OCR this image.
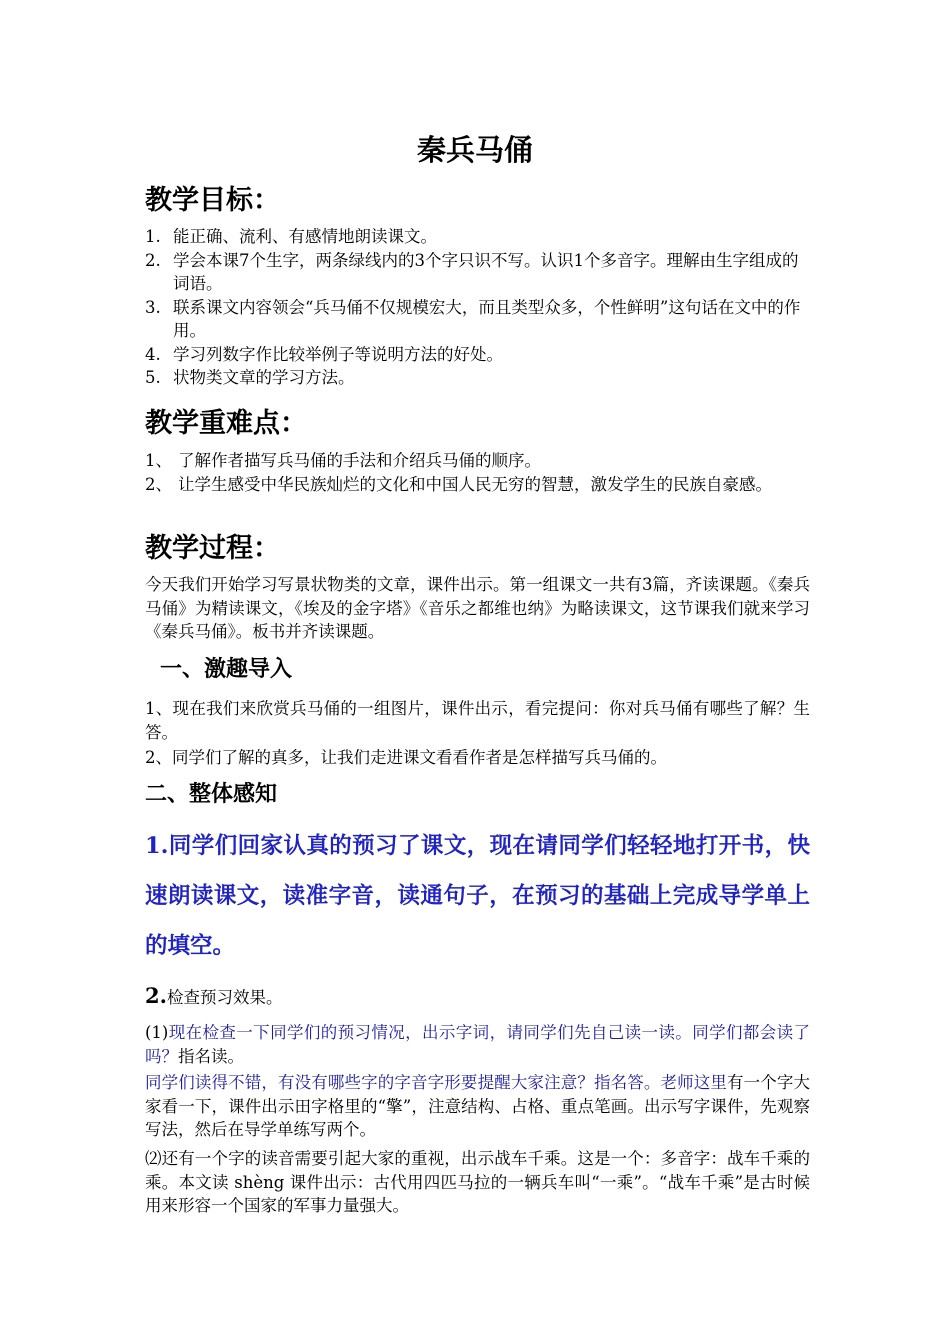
秦兵马俑
教学目标：
1. 能正确、流利、有感情地朗读课文。
2. 学会本课7个生字，两条绿线内的3个字只识不写。认识1个多音字。理解由生字组成的词语。
3. 联系课文内容领会“兵马俑不仅规模宏大，而且类型众多，个性鲜明”这句话在文中的作用。
4. 学习列数字作比较举例子等说明方法的好处。
5. 状物类文章的学习方法。
教学重难点：
1、 了解作者描写兵马俑的手法和介绍兵马俑的顺序。
2、 让学生感受中华民族灿烂的文化和中国人民无穷的智慧，激发学生的民族自豪感。
教学过程：

今天我们开始学习写景状物类的文章，课件出示。第一组课文一共有3篇，齐读课题。《秦兵马俑》为精读课文，《埃及的金字塔》《音乐之都维也纳》为略读课文，这节课我们就来学习《秦兵马俑》。板书并齐读课题。

一、激趣导入

1、现在我们来欣赏兵马俑的一组图片，课件出示，看完提问：你对兵马俑有哪些了解？生答。

2、同学们了解的真多，让我们走进课文看看作者是怎样描写兵马俑的。

二、整体感知

1.同学们回家认真的预习了课文，现在请同学们轻轻地打开书，快速朗读课文，读准字音，读通句子，在预习的基础上完成导学单上的填空。

2.检查预习效果。

(1)现在检查一下同学们的预习情况，出示字词，请同学们先自己读一读。同学们都会读了吗？指名读。

同学们读得不错，有没有哪些字的字音字形要提醒大家注意？指名答。老师这里有一个字大家看一下，课件出示田字格里的“擎”，注意结构、占格、重点笔画。出示写字课件，先观察写法，然后在导学单练写两个。

⑵还有一个字的读音需要引起大家的重视，出示战车千乘。这是一个：多音字：战车千乘的乘。本文读 shèng 课件出示：古代用四匹马拉的一辆兵车叫“一乘”。“战车千乘”是古时候用来形容一个国家的军事力量强大。
